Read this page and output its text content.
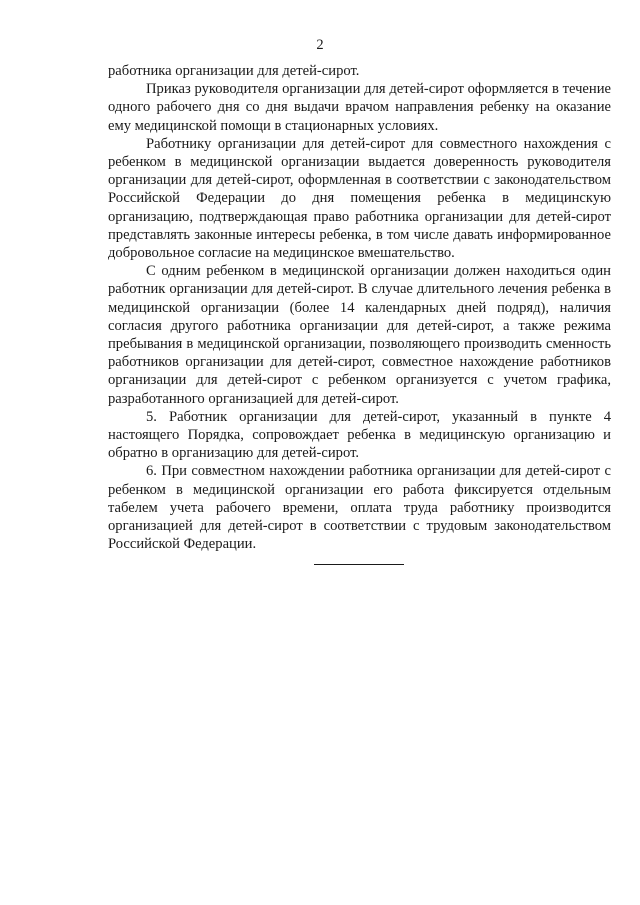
2

работника организации для детей-сирот.

Приказ руководителя организации для детей-сирот оформляется в течение одного рабочего дня со дня выдачи врачом направления ребенку на оказание ему медицинской помощи в стационарных условиях.

Работнику организации для детей-сирот для совместного нахождения с ребенком в медицинской организации выдается доверенность руководителя организации для детей-сирот, оформленная в соответствии с законодательством Российской Федерации до дня помещения ребенка в медицинскую организацию, подтверждающая право работника организации для детей-сирот представлять законные интересы ребенка, в том числе давать информированное добровольное согласие на медицинское вмешательство.

С одним ребенком в медицинской организации должен находиться один работник организации для детей-сирот. В случае длительного лечения ребенка в медицинской организации (более 14 календарных дней подряд), наличия согласия другого работника организации для детей-сирот, а также режима пребывания в медицинской организации, позволяющего производить сменность работников организации для детей-сирот, совместное нахождение работников организации для детей-сирот с ребенком организуется с учетом графика, разработанного организацией для детей-сирот.

5. Работник организации для детей-сирот, указанный в пункте 4 настоящего Порядка, сопровождает ребенка в медицинскую организацию и обратно в организацию для детей-сирот.

6. При совместном нахождении работника организации для детей-сирот с ребенком в медицинской организации его работа фиксируется отдельным табелем учета рабочего времени, оплата труда работнику производится организацией для детей-сирот в соответствии с трудовым законодательством Российской Федерации.
